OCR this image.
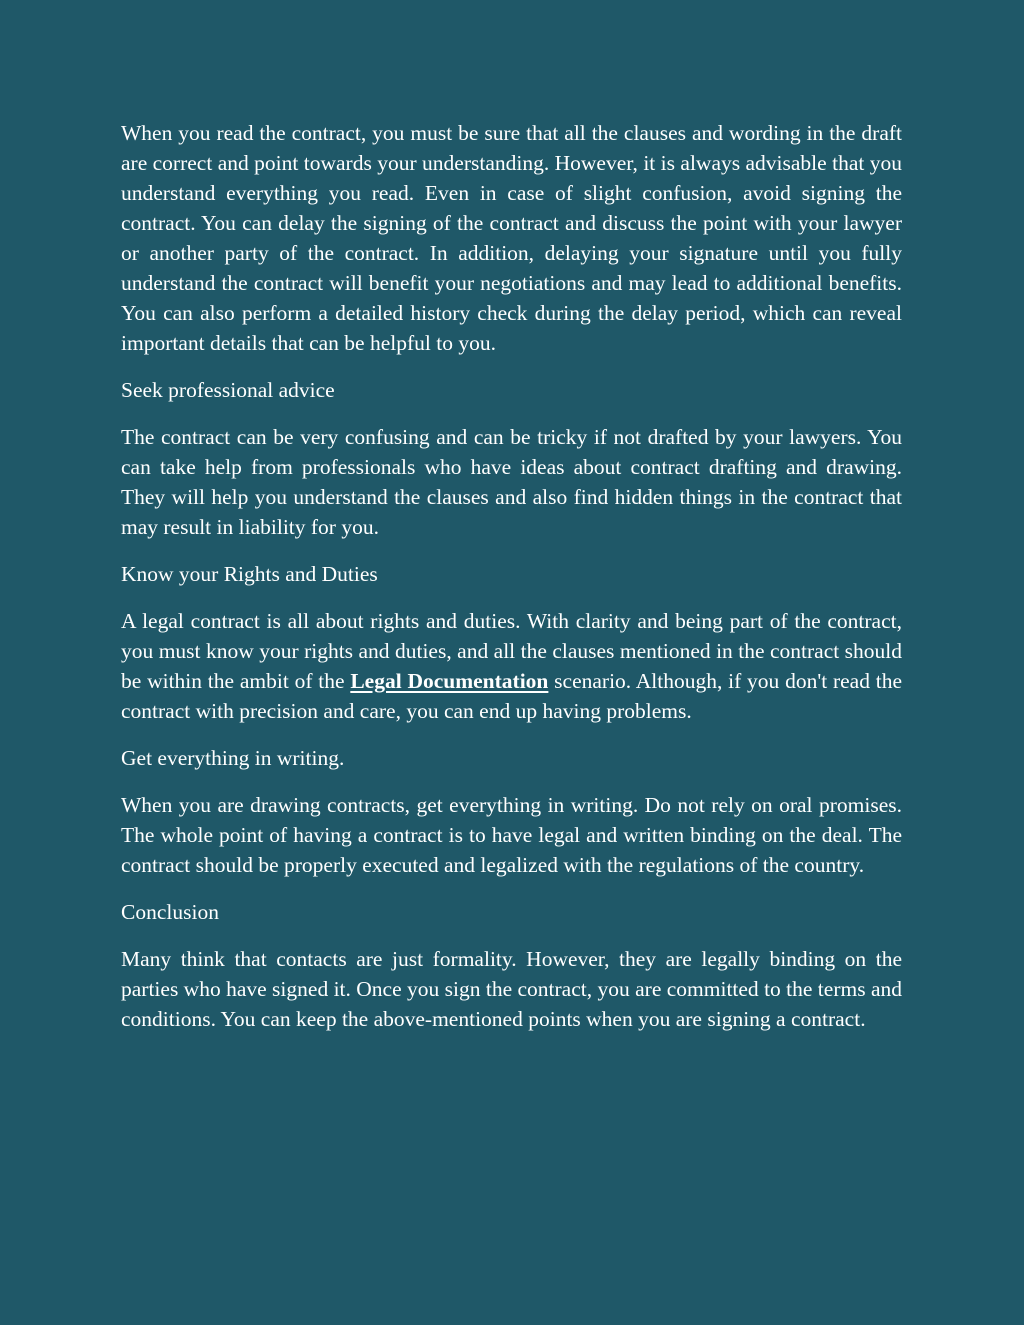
When you read the contract, you must be sure that all the clauses and wording in the draft are correct and point towards your understanding. However, it is always advisable that you understand everything you read. Even in case of slight confusion, avoid signing the contract. You can delay the signing of the contract and discuss the point with your lawyer or another party of the contract. In addition, delaying your signature until you fully understand the contract will benefit your negotiations and may lead to additional benefits. You can also perform a detailed history check during the delay period, which can reveal important details that can be helpful to you.

Seek professional advice

The contract can be very confusing and can be tricky if not drafted by your lawyers. You can take help from professionals who have ideas about contract drafting and drawing. They will help you understand the clauses and also find hidden things in the contract that may result in liability for you.

Know your Rights and Duties

A legal contract is all about rights and duties. With clarity and being part of the contract, you must know your rights and duties, and all the clauses mentioned in the contract should be within the ambit of the Legal Documentation scenario. Although, if you don't read the contract with precision and care, you can end up having problems.

Get everything in writing.

When you are drawing contracts, get everything in writing. Do not rely on oral promises. The whole point of having a contract is to have legal and written binding on the deal. The contract should be properly executed and legalized with the regulations of the country.

Conclusion

Many think that contacts are just formality. However, they are legally binding on the parties who have signed it. Once you sign the contract, you are committed to the terms and conditions. You can keep the above-mentioned points when you are signing a contract.
